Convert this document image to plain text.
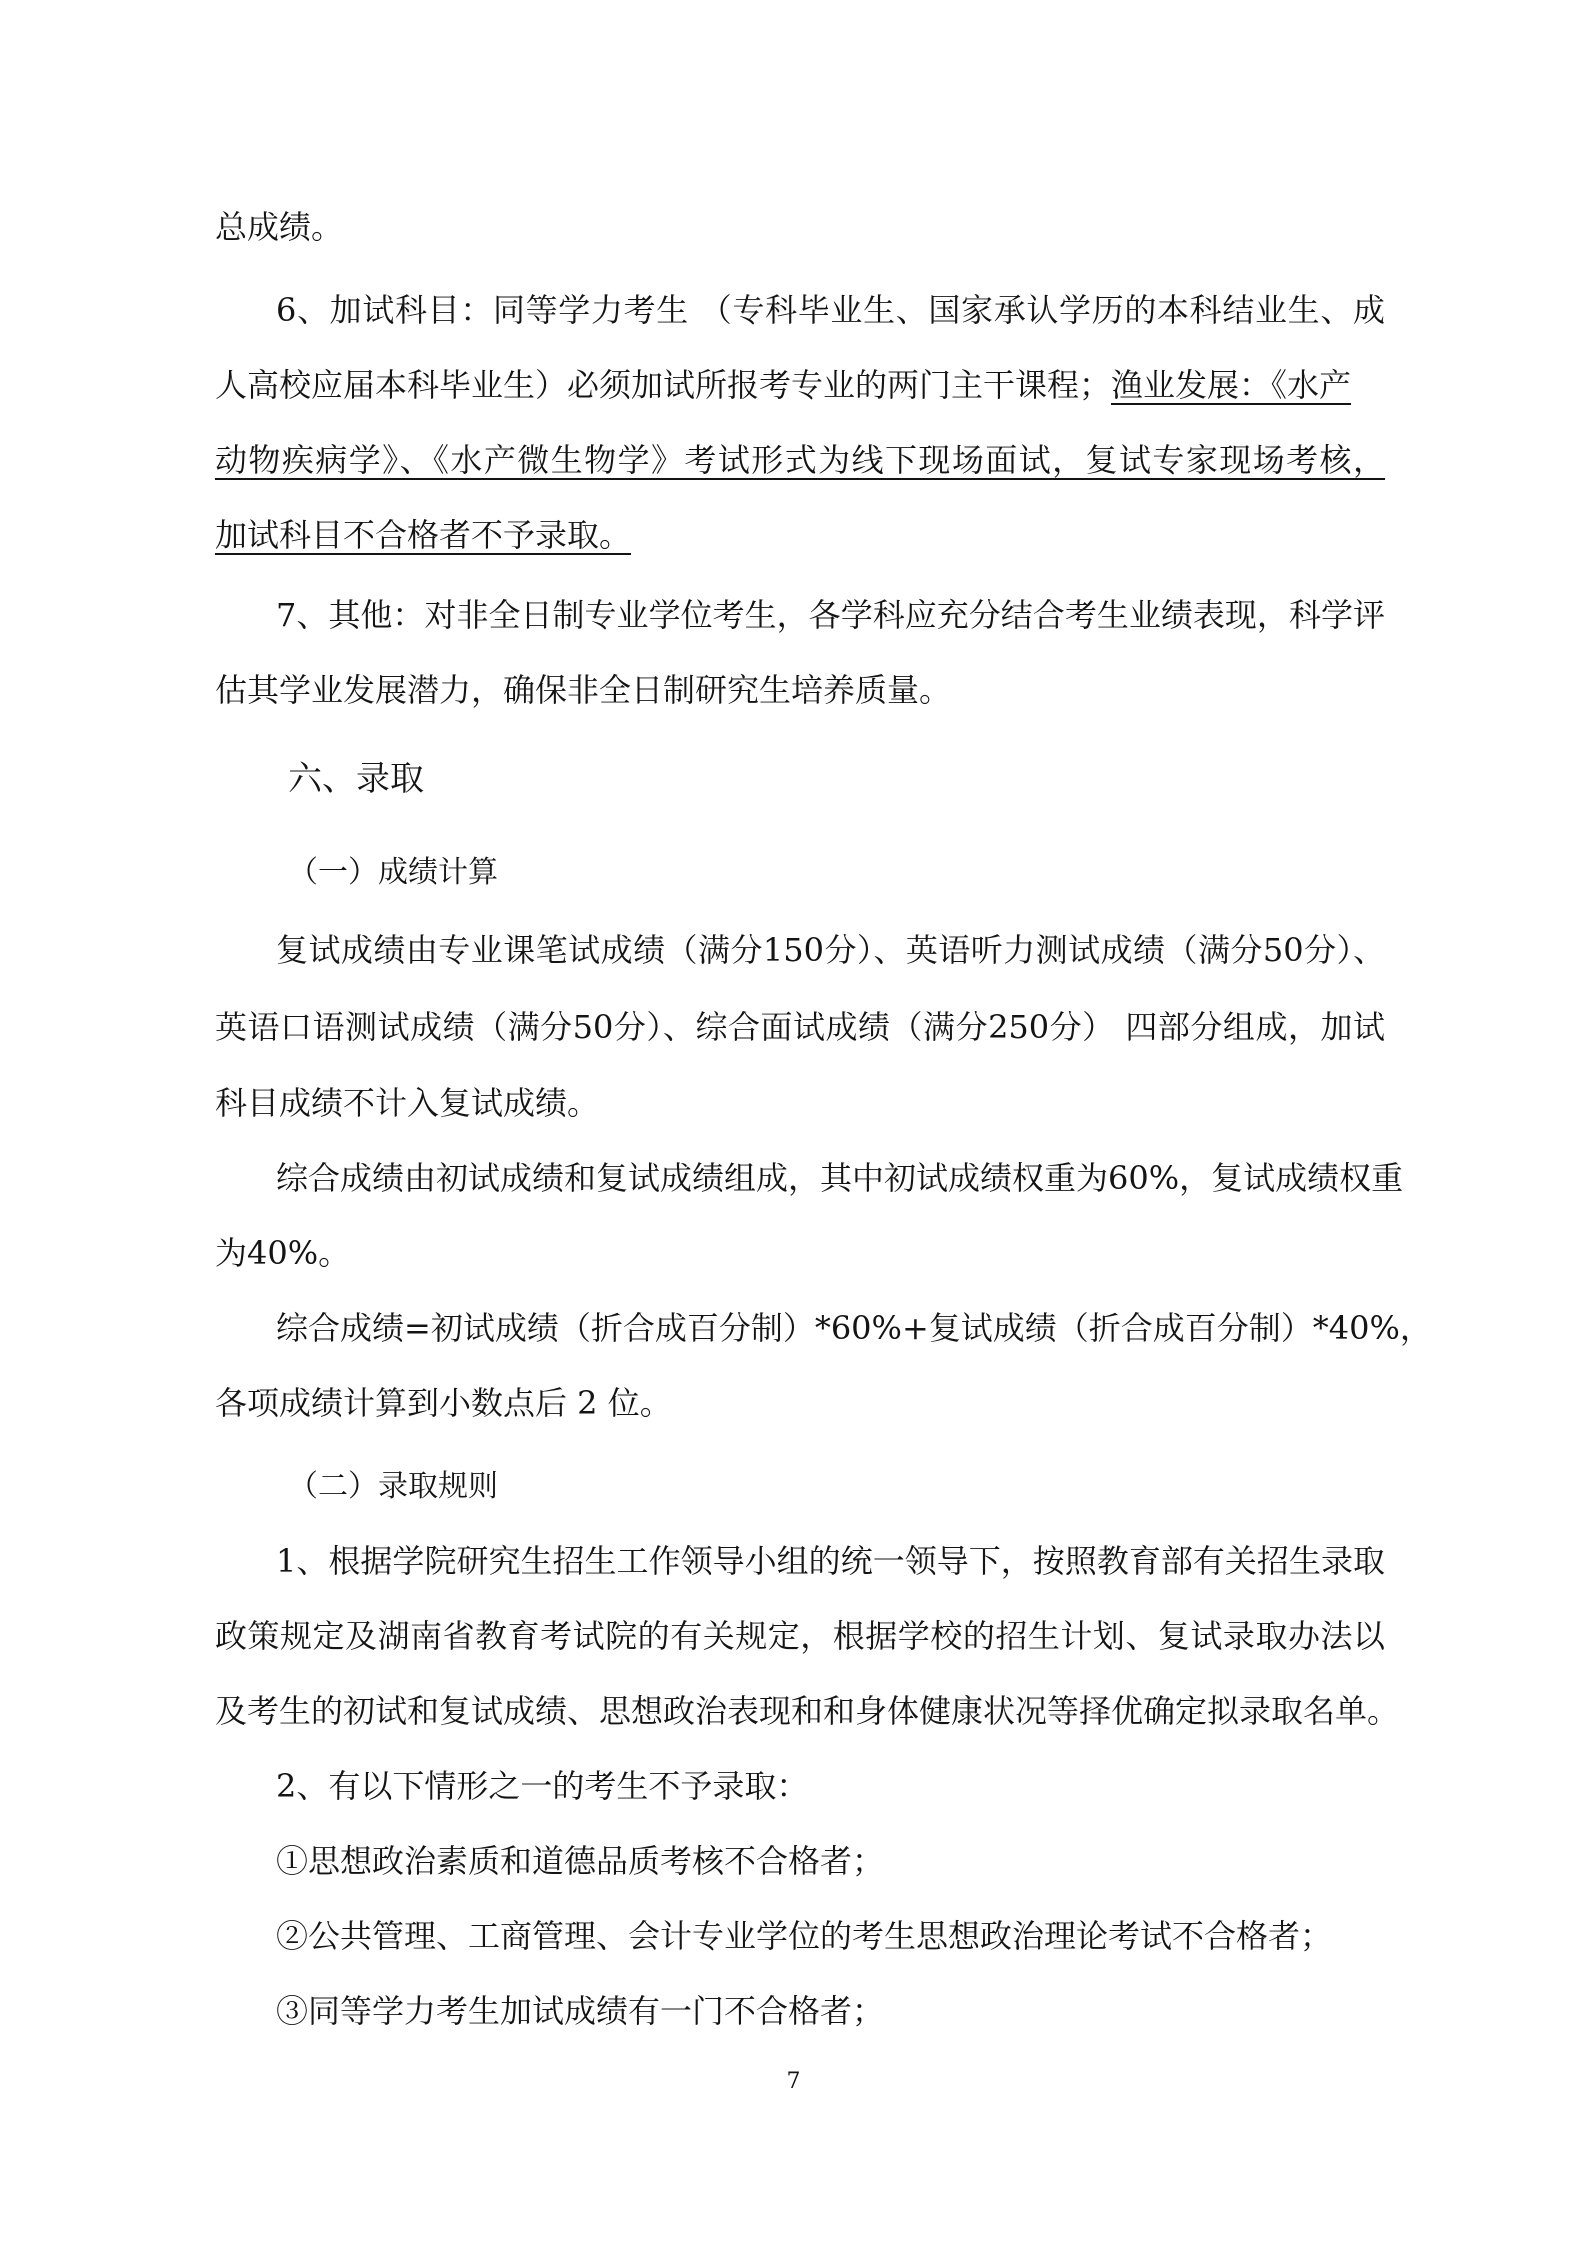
总成绩。
6、加试科目：同等学力考生 （专科毕业生、国家承认学历的本科结业生、成
人高校应届本科毕业生）必须加试所报考专业的两门主干课程；渔业发展：《水产
动物疾病学》、《水产微生物学》考试形式为线下现场面试，复试专家现场考核，
加试科目不合格者不予录取。
7、其他：对非全日制专业学位考生，各学科应充分结合考生业绩表现，科学评
估其学业发展潜力，确保非全日制研究生培养质量。
六、录取
（一）成绩计算
复试成绩由专业课笔试成绩（满分150分）、英语听力测试成绩（满分50分）、
英语口语测试成绩（满分50分）、综合面试成绩（满分250分） 四部分组成，加试
科目成绩不计入复试成绩。
综合成绩由初试成绩和复试成绩组成，其中初试成绩权重为60%，复试成绩权重
为40%。
综合成绩=初试成绩（折合成百分制）*60%+复试成绩（折合成百分制）*40%，
各项成绩计算到小数点后 2 位。
（二）录取规则
1、根据学院研究生招生工作领导小组的统一领导下，按照教育部有关招生录取
政策规定及湖南省教育考试院的有关规定，根据学校的招生计划、复试录取办法以
及考生的初试和复试成绩、思想政治表现和和身体健康状况等择优确定拟录取名单。
2、有以下情形之一的考生不予录取：
①思想政治素质和道德品质考核不合格者；
②公共管理、工商管理、会计专业学位的考生思想政治理论考试不合格者；
③同等学力考生加试成绩有一门不合格者；
7
